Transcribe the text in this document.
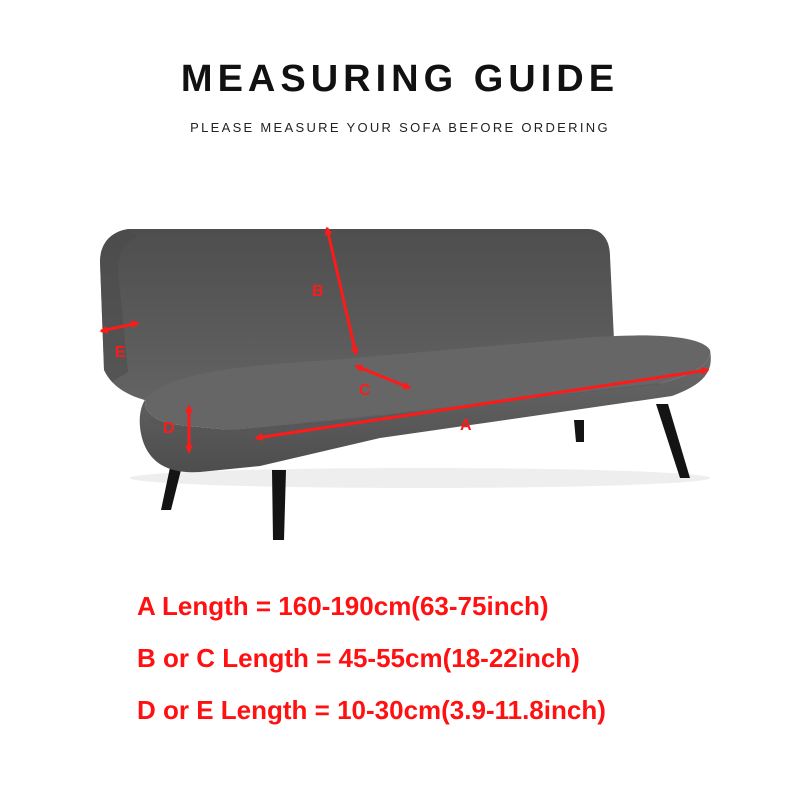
MEASURING GUIDE
PLEASE MEASURE YOUR SOFA BEFORE ORDERING
A
B
C
D
E
A Length = 160-190cm(63-75inch)
B or C Length = 45-55cm(18-22inch)
D or E Length = 10-30cm(3.9-11.8inch)
